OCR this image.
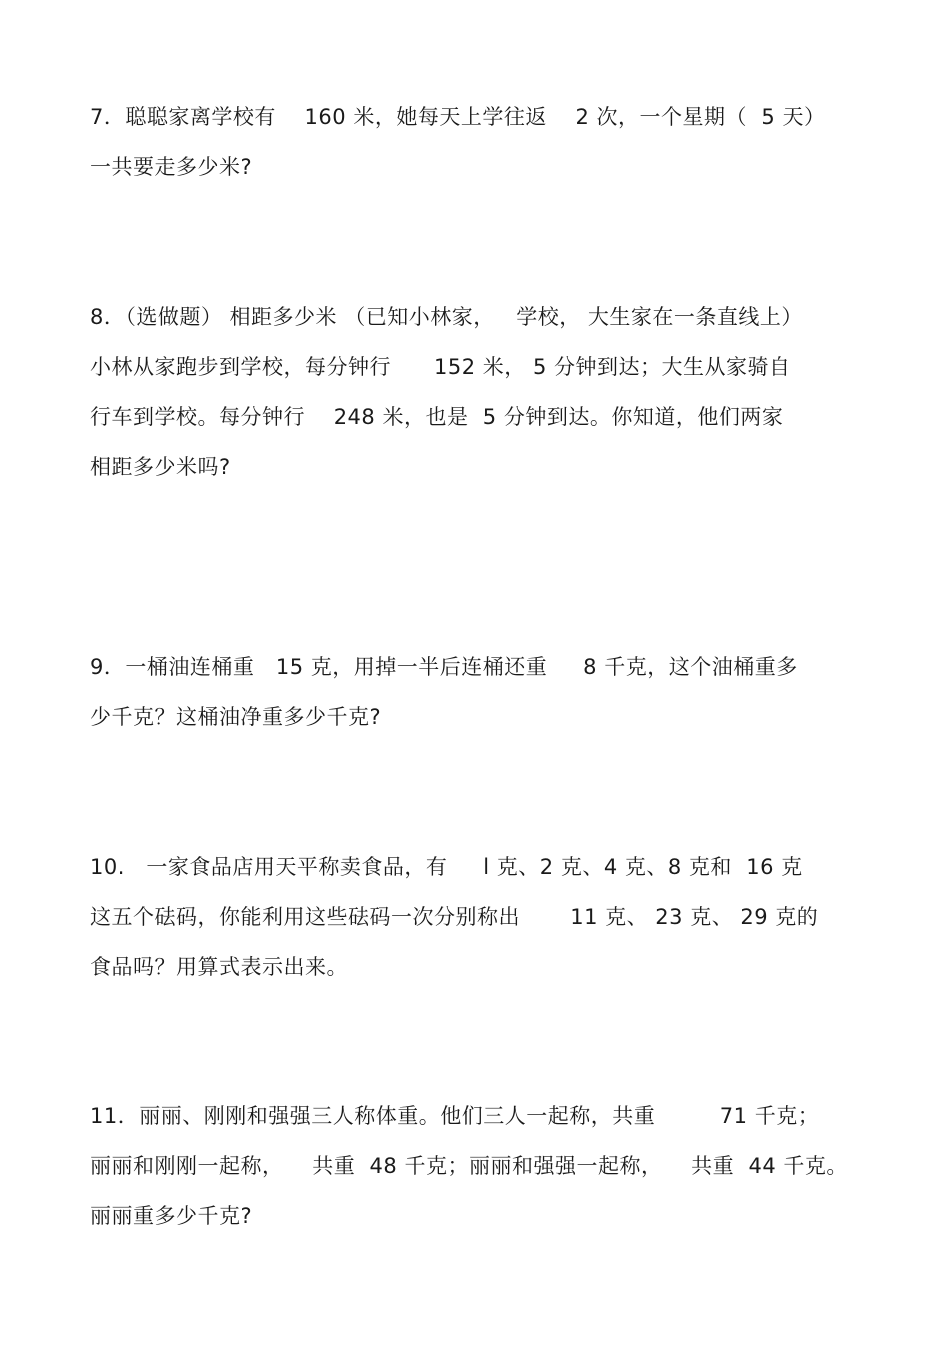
7．聪聪家离学校有    160 米，她每天上学往返    2 次，一个星期（  5 天）
一共要走多少米?
8．（选做题） 相距多少米 （已知小林家，   学校， 大生家在一条直线上）
小林从家跑步到学校，每分钟行      152 米， 5 分钟到达；大生从家骑自
行车到学校。每分钟行    248 米，也是  5 分钟到达。你知道，他们两家
相距多少米吗?
9．一桶油连桶重   15 克，用掉一半后连桶还重     8 千克，这个油桶重多
少千克？这桶油净重多少千克?
10.   一家食品店用天平称卖食品，有     l 克、2 克、4 克、8 克和  16 克
这五个砝码，你能利用这些砝码一次分别称出       11 克、 23 克、 29 克的
食品吗？用算式表示出来。
11．丽丽、刚刚和强强三人称体重。他们三人一起称，共重         71 千克；
丽丽和刚刚一起称，    共重  48 千克；丽丽和强强一起称，    共重  44 千克。
丽丽重多少千克?
